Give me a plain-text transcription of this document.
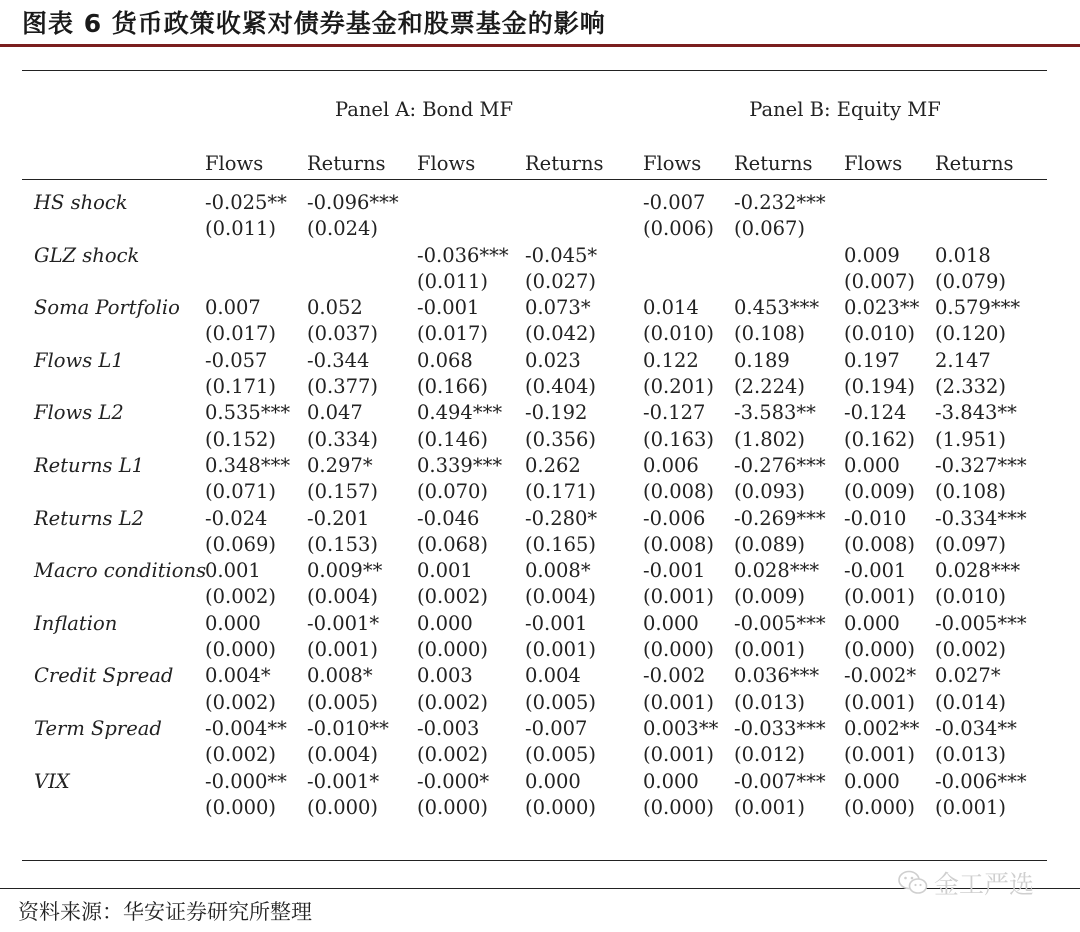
图表 6 货币政策收紧对债券基金和股票基金的影响
	Panel A: Bond MF				Panel B: Equity MF			
	Flows	Returns	Flows	Returns	Flows	Returns	Flows	Returns

HS shock	-0.025**	-0.096***			-0.007	-0.232***		
	(0.011)	(0.024)			(0.006)	(0.067)		
GLZ shock			-0.036***	-0.045*			0.009	0.018
			(0.011)	(0.027)			(0.007)	(0.079)
Soma Portfolio	0.007	0.052	-0.001	0.073*	0.014	0.453***	0.023**	0.579***
	(0.017)	(0.037)	(0.017)	(0.042)	(0.010)	(0.108)	(0.010)	(0.120)
Flows L1	-0.057	-0.344	0.068	0.023	0.122	0.189	0.197	2.147
	(0.171)	(0.377)	(0.166)	(0.404)	(0.201)	(2.224)	(0.194)	(2.332)
Flows L2	0.535***	0.047	0.494***	-0.192	-0.127	-3.583**	-0.124	-3.843**
	(0.152)	(0.334)	(0.146)	(0.356)	(0.163)	(1.802)	(0.162)	(1.951)
Returns L1	0.348***	0.297*	0.339***	0.262	0.006	-0.276***	0.000	-0.327***
	(0.071)	(0.157)	(0.070)	(0.171)	(0.008)	(0.093)	(0.009)	(0.108)
Returns L2	-0.024	-0.201	-0.046	-0.280*	-0.006	-0.269***	-0.010	-0.334***
	(0.069)	(0.153)	(0.068)	(0.165)	(0.008)	(0.089)	(0.008)	(0.097)
Macro conditions	0.001	0.009**	0.001	0.008*	-0.001	0.028***	-0.001	0.028***
	(0.002)	(0.004)	(0.002)	(0.004)	(0.001)	(0.009)	(0.001)	(0.010)
Inflation	0.000	-0.001*	0.000	-0.001	0.000	-0.005***	0.000	-0.005***
	(0.000)	(0.001)	(0.000)	(0.001)	(0.000)	(0.001)	(0.000)	(0.002)
Credit Spread	0.004*	0.008*	0.003	0.004	-0.002	0.036***	-0.002*	0.027*
	(0.002)	(0.005)	(0.002)	(0.005)	(0.001)	(0.013)	(0.001)	(0.014)
Term Spread	-0.004**	-0.010**	-0.003	-0.007	0.003**	-0.033***	0.002**	-0.034**
	(0.002)	(0.004)	(0.002)	(0.005)	(0.001)	(0.012)	(0.001)	(0.013)
VIX	-0.000**	-0.001*	-0.000*	0.000	0.000	-0.007***	0.000	-0.006***
	(0.000)	(0.000)	(0.000)	(0.000)	(0.000)	(0.001)	(0.000)	(0.001)
资料来源：华安证券研究所整理
金工严选
